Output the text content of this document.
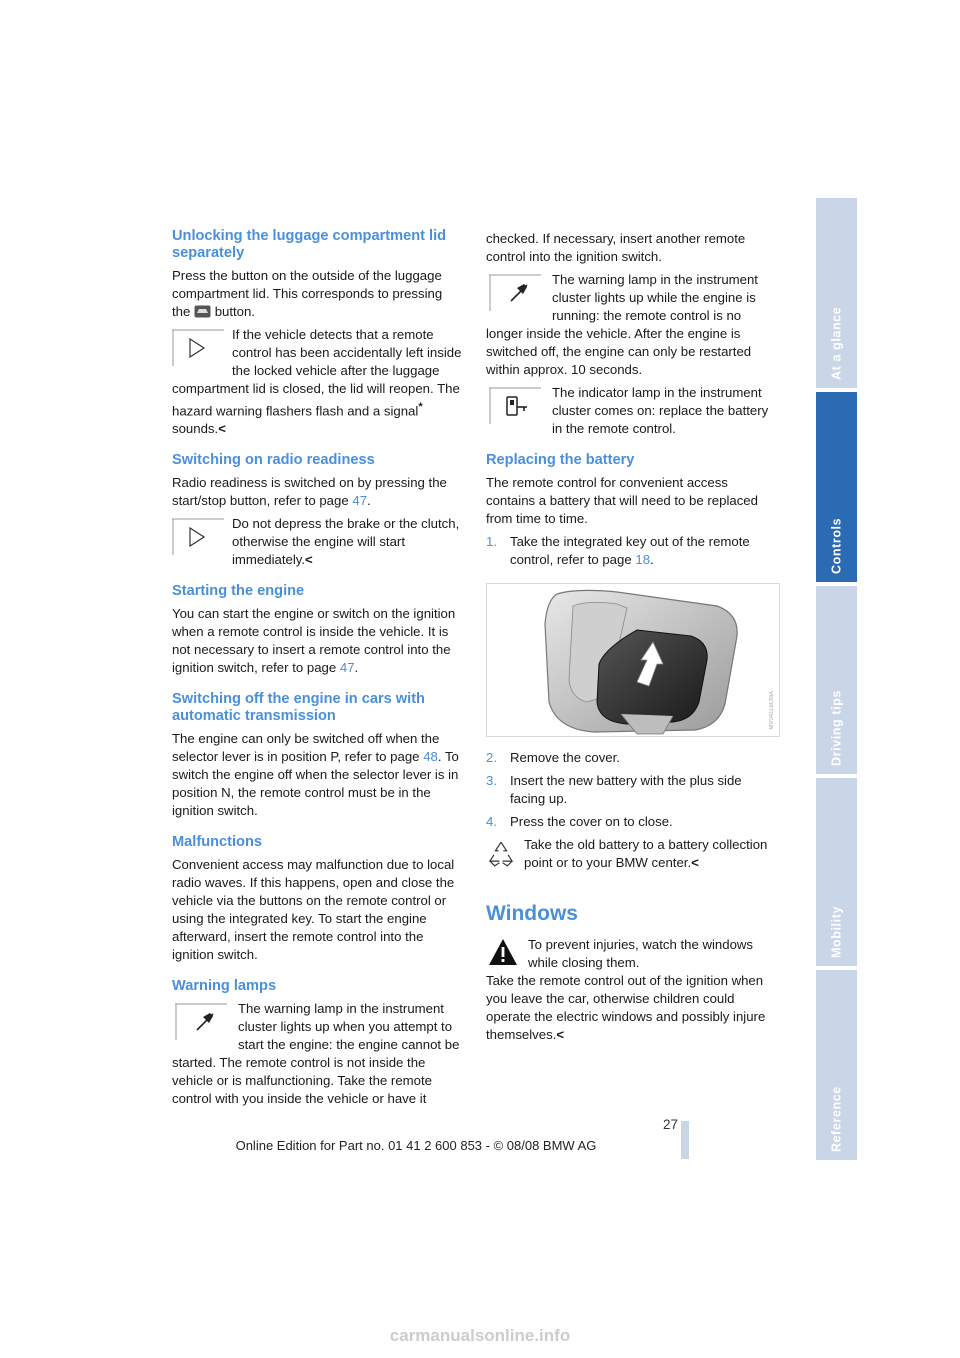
Unlocking the luggage compartment lid separately

Press the button on the outside of the luggage compartment lid. This corresponds to pressing the button.

If the vehicle detects that a remote control has been accidentally left inside the locked vehicle after the luggage compartment lid is closed, the lid will reopen. The hazard warning flashers flash and a signal* sounds.<

Switching on radio readiness

Radio readiness is switched on by pressing the start/stop button, refer to page 47.

Do not depress the brake or the clutch, otherwise the engine will start immediately.<

Starting the engine

You can start the engine or switch on the ignition when a remote control is inside the vehicle. It is not necessary to insert a remote control into the ignition switch, refer to page 47.

Switching off the engine in cars with automatic transmission

The engine can only be switched off when the selector lever is in position P, refer to page 48. To switch the engine off when the selector lever is in position N, the remote control must be in the ignition switch.

Malfunctions

Convenient access may malfunction due to local radio waves. If this happens, open and close the vehicle via the buttons on the remote control or using the integrated key. To start the engine afterward, insert the remote control into the ignition switch.

Warning lamps

The warning lamp in the instrument cluster lights up when you attempt to start the engine: the engine cannot be started. The remote control is not inside the vehicle or is malfunctioning. Take the remote control with you inside the vehicle or have it

checked. If necessary, insert another remote control into the ignition switch.

The warning lamp in the instrument cluster lights up while the engine is running: the remote control is no longer inside the vehicle. After the engine is switched off, the engine can only be restarted within approx. 10 seconds.

The indicator lamp in the instrument cluster comes on: replace the battery in the remote control.

Replacing the battery

The remote control for convenient access contains a battery that will need to be replaced from time to time.

1. Take the integrated key out of the remote control, refer to page 18.
MV04116CMA
2. Remove the cover.
3. Insert the new battery with the plus side facing up.
4. Press the cover on to close.

Take the old battery to a battery collection point or to your BMW center.<

Windows

To prevent injuries, watch the windows while closing them.

Take the remote control out of the ignition when you leave the car, otherwise children could operate the electric windows and possibly injure themselves.<

At a glance
Controls
Driving tips
Mobility
Reference
27
Online Edition for Part no. 01 41 2 600 853 - © 08/08 BMW AG
carmanualsonline.info
